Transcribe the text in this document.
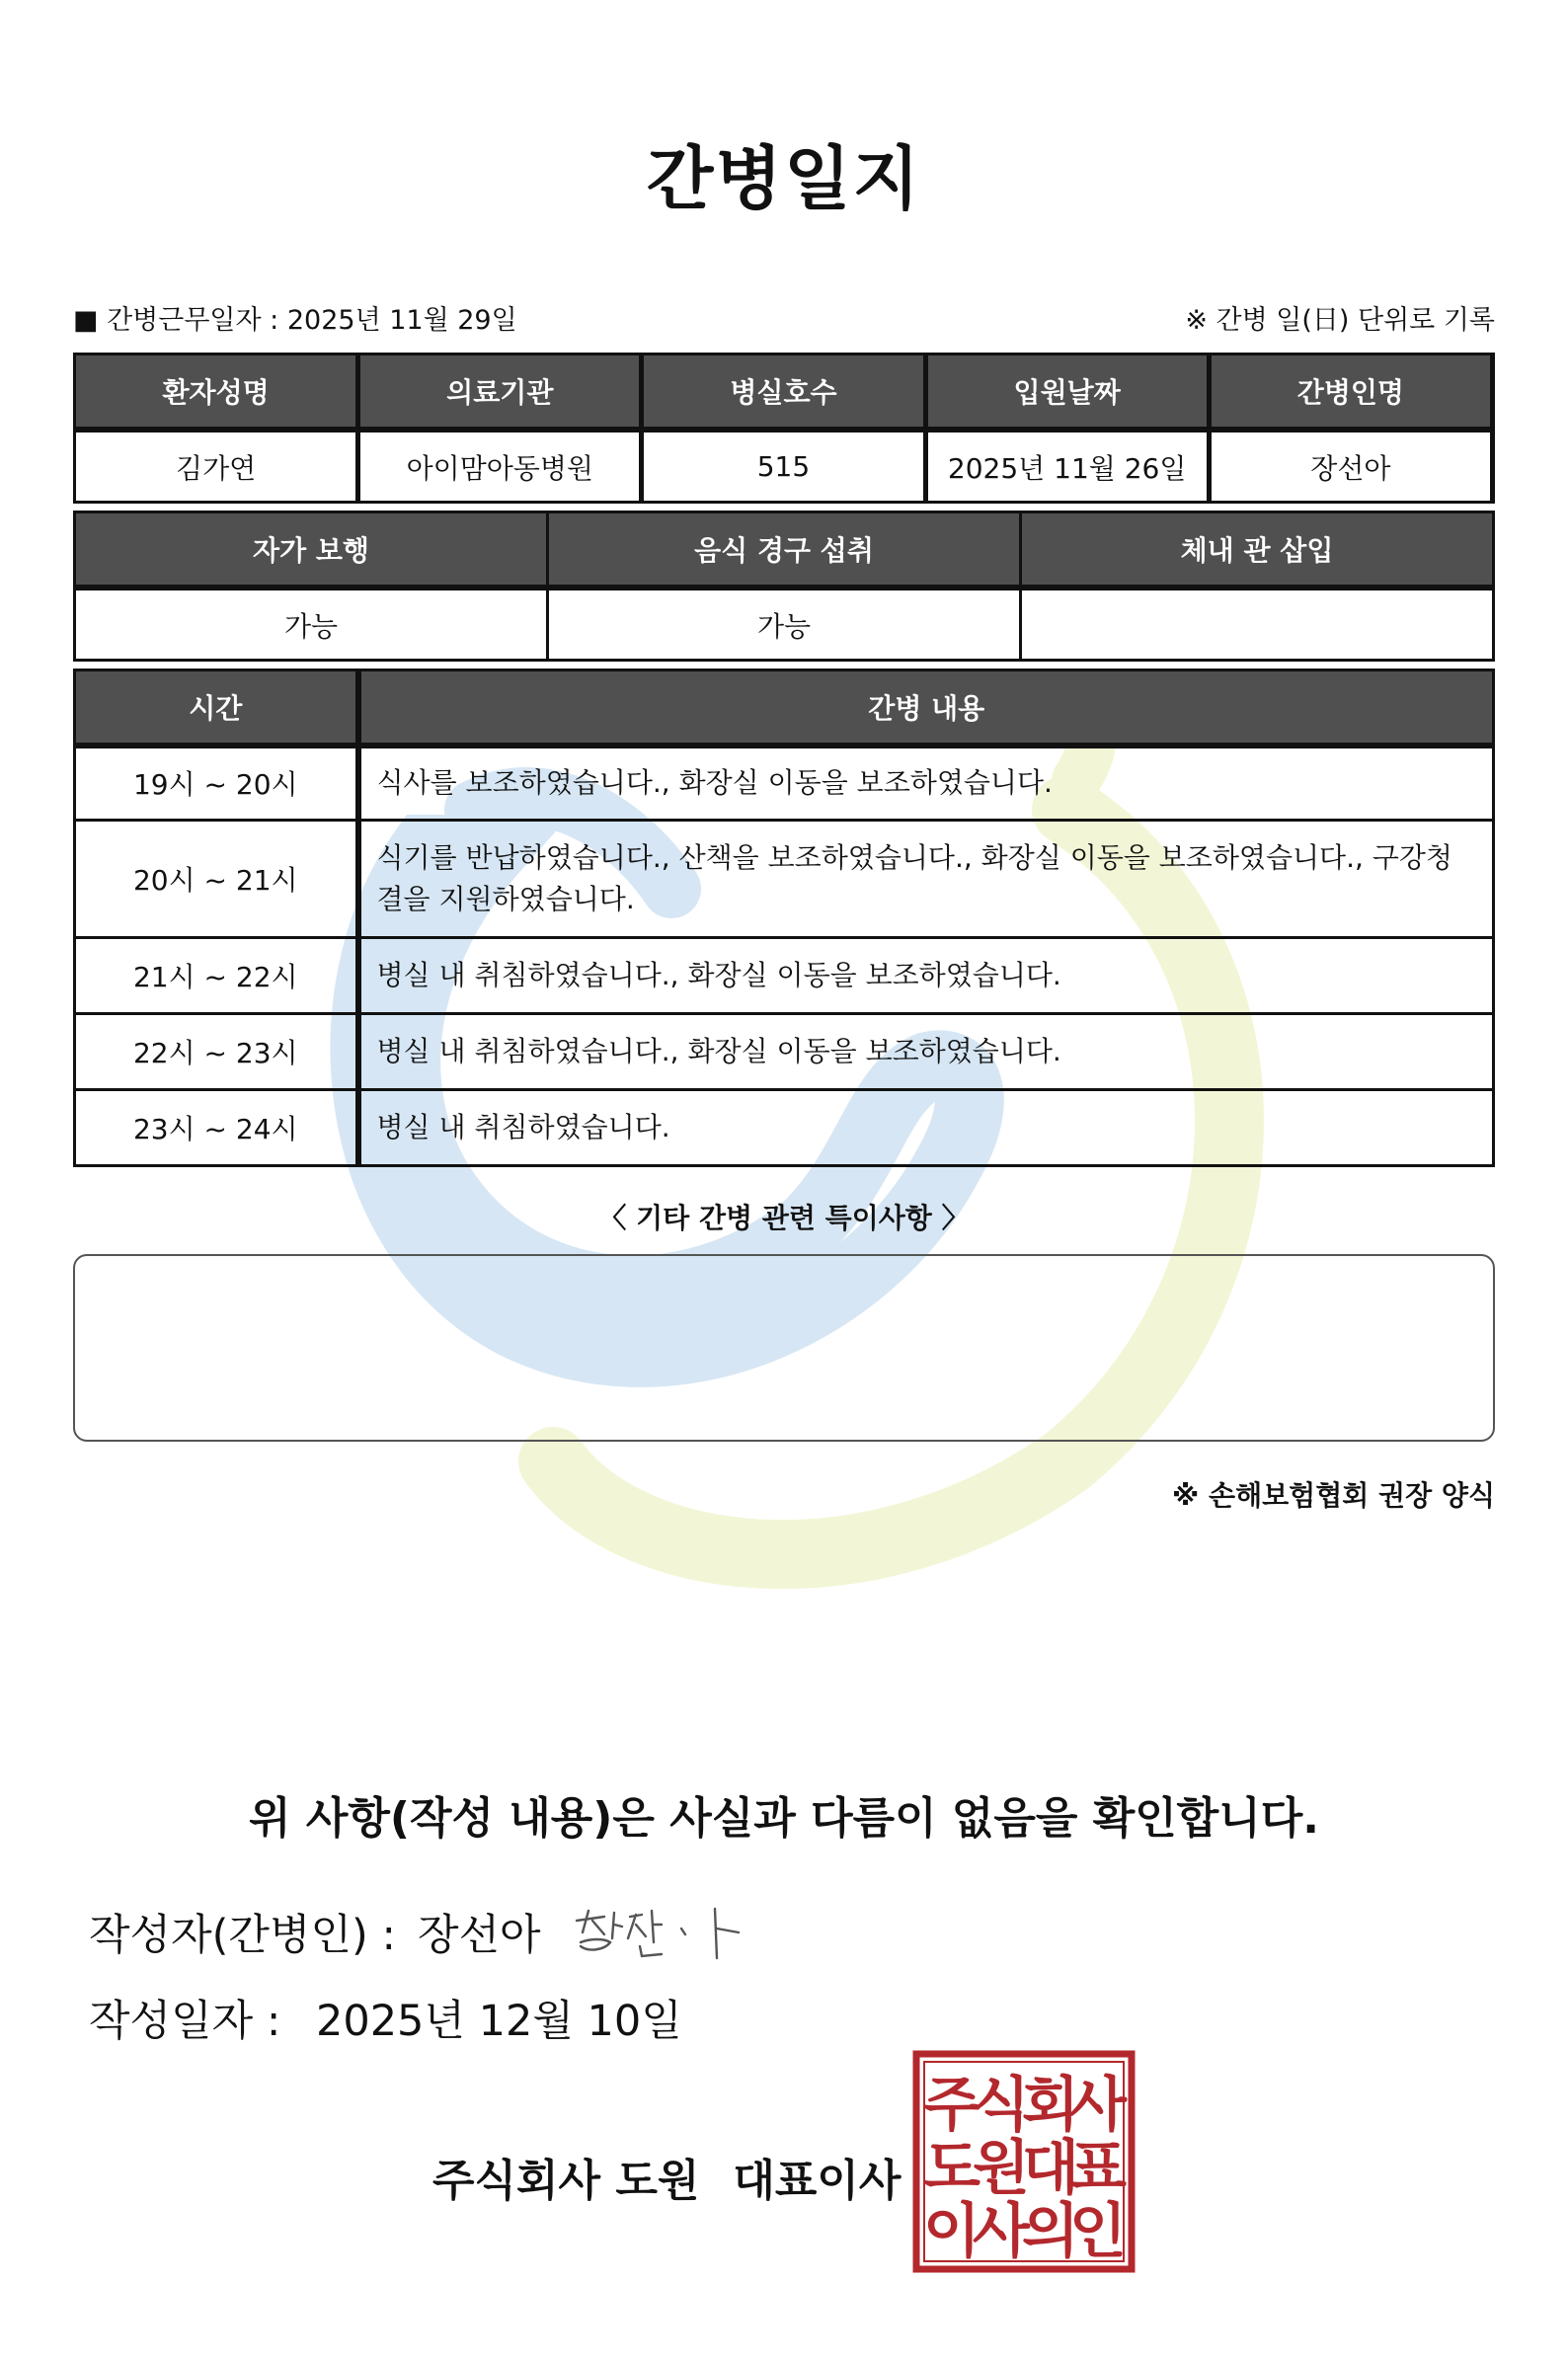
간병일지
■ 간병근무일자 : 2025년 11월 29일	※ 간병 일(日) 단위로 기록
환자성명	의료기관	병실호수	입원날짜	간병인명
김가연	아이맘아동병원	515	2025년 11월 26일	장선아
자가 보행	음식 경구 섭취	체내 관 삽입
가능	가능	
시간	간병 내용
19시 ~ 20시	식사를 보조하였습니다., 화장실 이동을 보조하였습니다.
20시 ~ 21시	식기를 반납하였습니다., 산책을 보조하였습니다., 화장실 이동을 보조하였습니다., 구강청결을 지원하였습니다.
21시 ~ 22시	병실 내 취침하였습니다., 화장실 이동을 보조하였습니다.
22시 ~ 23시	병실 내 취침하였습니다., 화장실 이동을 보조하였습니다.
23시 ~ 24시	병실 내 취침하였습니다.
〈 기타 간병 관련 특이사항 〉
※ 손해보험협회 권장 양식
위 사항(작성 내용)은 사실과 다름이 없음을 확인합니다.
작성자(간병인) : 장선아
작성일자 : 2025년 12월 10일
주식회사 도원 대표이사
주
식
회
사
도
원
대
표
이
사
의
인
